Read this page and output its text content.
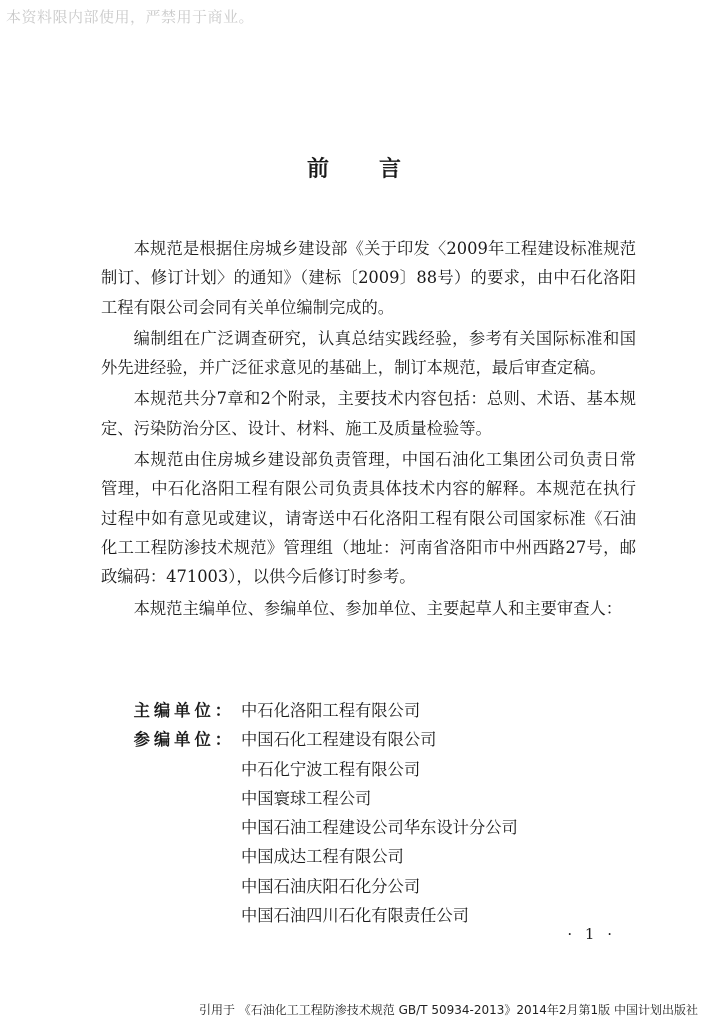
本资料限内部使用，严禁用于商业。
前言

本规范是根据住房城乡建设部《关于印发〈2009年工程建设标准规范制订、修订计划〉的通知》（建标〔2009〕88号）的要求，由中石化洛阳工程有限公司会同有关单位编制完成的。

编制组在广泛调查研究，认真总结实践经验，参考有关国际标准和国外先进经验，并广泛征求意见的基础上，制订本规范，最后审查定稿。

本规范共分7章和2个附录，主要技术内容包括：总则、术语、基本规定、污染防治分区、设计、材料、施工及质量检验等。

本规范由住房城乡建设部负责管理，中国石油化工集团公司负责日常管理，中石化洛阳工程有限公司负责具体技术内容的解释。本规范在执行过程中如有意见或建议，请寄送中石化洛阳工程有限公司国家标准《石油化工工程防渗技术规范》管理组（地址：河南省洛阳市中州西路27号，邮政编码：471003），以供今后修订时参考。

本规范主编单位、参编单位、参加单位、主要起草人和主要审查人：

主编单位： 中石化洛阳工程有限公司
参编单位： 中国石化工程建设有限公司
中石化宁波工程有限公司
中国寰球工程公司
中国石油工程建设公司华东设计分公司
中国成达工程有限公司
中国石油庆阳石化分公司
中国石油四川石化有限责任公司
· 1 ·
引用于 《石油化工工程防渗技术规范 GB/T 50934-2013》2014年2月第1版 中国计划出版社
